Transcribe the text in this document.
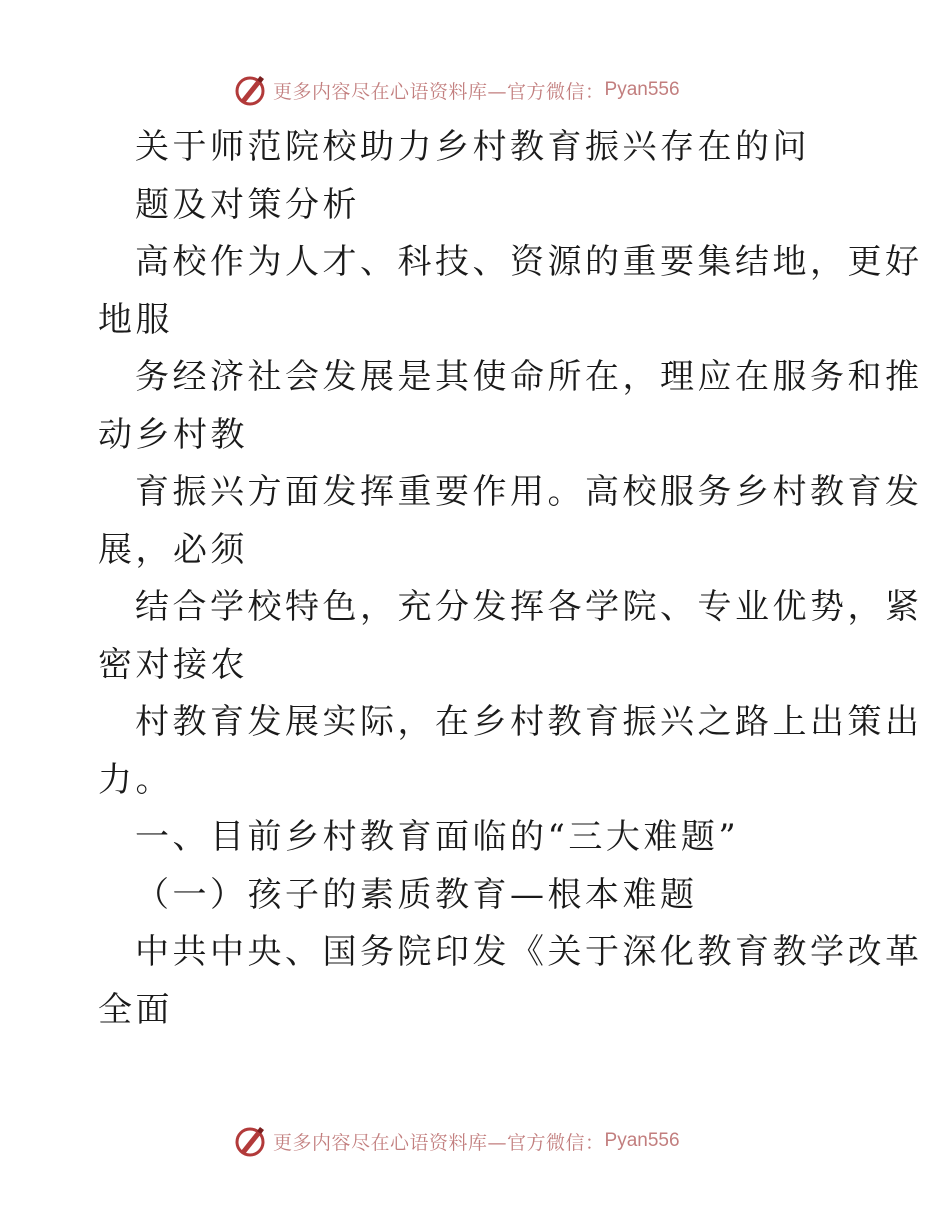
更多内容尽在心语资料库—官方微信： Pyan556
关于师范院校助力乡村教育振兴存在的问
题及对策分析
高校作为人才、科技、资源的重要集结地，更好
地服
务经济社会发展是其使命所在，理应在服务和推
动乡村教
育振兴方面发挥重要作用。高校服务乡村教育发
展，必须
结合学校特色，充分发挥各学院、专业优势，紧
密对接农
村教育发展实际，在乡村教育振兴之路上出策出
力。
一、目前乡村教育面临的“三大难题”
（一）孩子的素质教育—根本难题
中共中央、国务院印发《关于深化教育教学改革
全面
更多内容尽在心语资料库—官方微信： Pyan556
